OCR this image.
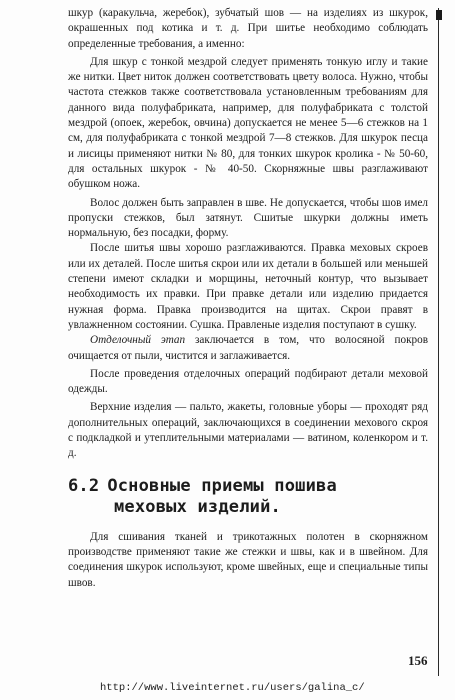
шкур (каракульча, жеребок), зубчатый шов — на изделиях из шкурок, окрашенных под котика и т. д. При шитье необходимо соблюдать определенные требования, а именно:

Для шкур с тонкой мездрой следует применять тонкую иглу и такие же нитки. Цвет ниток должен соответствовать цвету волоса. Нужно, чтобы частота стежков также соответствовала установленным требованиям для данного вида полуфабриката, например, для полуфабриката с толстой мездрой (опоек, жеребок, овчина) допускается не менее 5—6 стежков на 1 см, для полуфабриката с тонкой мездрой 7—8 стежков. Для шкурок песца и лисицы применяют нитки № 80, для тонких шкурок кролика - № 50-60, для остальных шкурок - № 40-50. Скорняжные швы разглаживают обушком ножа.

Волос должен быть заправлен в шве. Не допускается, чтобы шов имел пропуски стежков, был затянут. Сшитые шкурки должны иметь нормальную, без посадки, форму.

После шитья швы хорошо разглаживаются. Правка меховых скроев или их деталей. После шитья скрои или их детали в большей или меньшей степени имеют складки и морщины, неточный контур, что вызывает необходимость их правки. При правке детали или изделию придается нужная форма. Правка производится на щитах. Скрои правят в увлажненном состоянии. Сушка. Правленые изделия поступают в сушку.

Отделочный этап заключается в том, что волосяной покров очищается от пыли, чистится и заглаживается.

После проведения отделочных операций подбирают детали меховой одежды.

Верхние изделия — пальто, жакеты, головные уборы — проходят ряд дополнительных операций, заключающихся в соединении мехового скроя с подкладкой и утеплительными материалами — ватином, коленкором и т. д.

6.2 Основные приемы пошива
меховых изделий.

Для сшивания тканей и трикотажных полотен в скорняжном производстве применяют такие же стежки и швы, как и в швейном. Для соединения шкурок используют, кроме швейных, еще и специальные типы швов.

156
http://www.liveinternet.ru/users/galina_c/
